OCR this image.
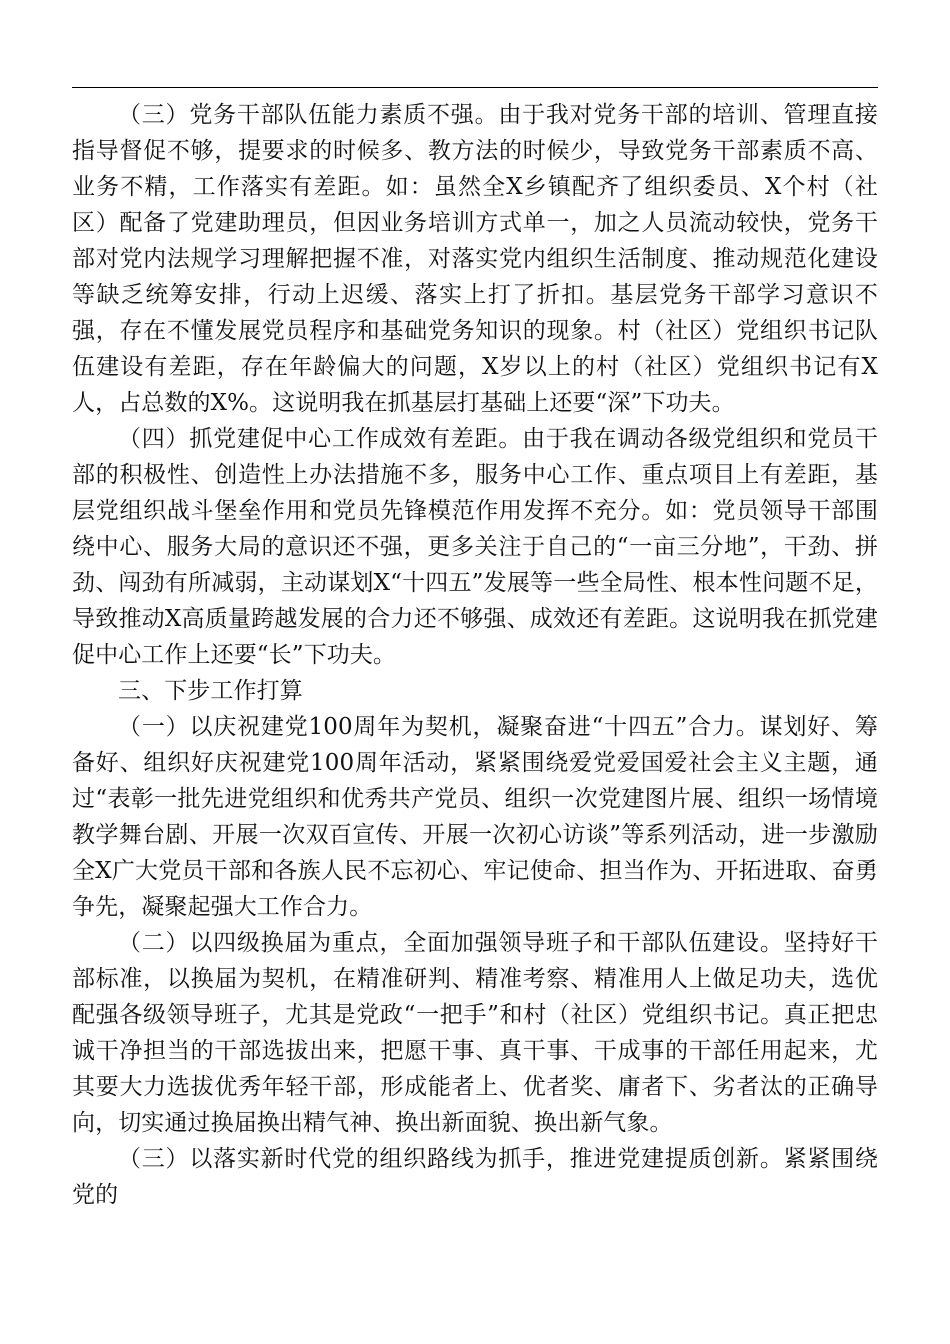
（三）党务干部队伍能力素质不强。由于我对党务干部的培训、管理直接指导督促不够，提要求的时候多、教方法的时候少，导致党务干部素质不高、业务不精，工作落实有差距。如：虽然全X乡镇配齐了组织委员、X个村（社区）配备了党建助理员，但因业务培训方式单一，加之人员流动较快，党务干部对党内法规学习理解把握不准，对落实党内组织生活制度、推动规范化建设等缺乏统筹安排，行动上迟缓、落实上打了折扣。基层党务干部学习意识不强，存在不懂发展党员程序和基础党务知识的现象。村（社区）党组织书记队伍建设有差距，存在年龄偏大的问题，X岁以上的村（社区）党组织书记有X人，占总数的X%。这说明我在抓基层打基础上还要“深”下功夫。

（四）抓党建促中心工作成效有差距。由于我在调动各级党组织和党员干部的积极性、创造性上办法措施不多，服务中心工作、重点项目上有差距，基层党组织战斗堡垒作用和党员先锋模范作用发挥不充分。如：党员领导干部围绕中心、服务大局的意识还不强，更多关注于自己的“一亩三分地”，干劲、拼劲、闯劲有所减弱，主动谋划X“十四五”发展等一些全局性、根本性问题不足，导致推动X高质量跨越发展的合力还不够强、成效还有差距。这说明我在抓党建促中心工作上还要“长”下功夫。

三、下步工作打算

（一）以庆祝建党100周年为契机，凝聚奋进“十四五”合力。谋划好、筹备好、组织好庆祝建党100周年活动，紧紧围绕爱党爱国爱社会主义主题，通过“表彰一批先进党组织和优秀共产党员、组织一次党建图片展、组织一场情境教学舞台剧、开展一次双百宣传、开展一次初心访谈”等系列活动，进一步激励全X广大党员干部和各族人民不忘初心、牢记使命、担当作为、开拓进取、奋勇争先，凝聚起强大工作合力。

（二）以四级换届为重点，全面加强领导班子和干部队伍建设。坚持好干部标准，以换届为契机，在精准研判、精准考察、精准用人上做足功夫，选优配强各级领导班子，尤其是党政“一把手”和村（社区）党组织书记。真正把忠诚干净担当的干部选拔出来，把愿干事、真干事、干成事的干部任用起来，尤其要大力选拔优秀年轻干部，形成能者上、优者奖、庸者下、劣者汰的正确导向，切实通过换届换出精气神、换出新面貌、换出新气象。

（三）以落实新时代党的组织路线为抓手，推进党建提质创新。紧紧围绕党的
